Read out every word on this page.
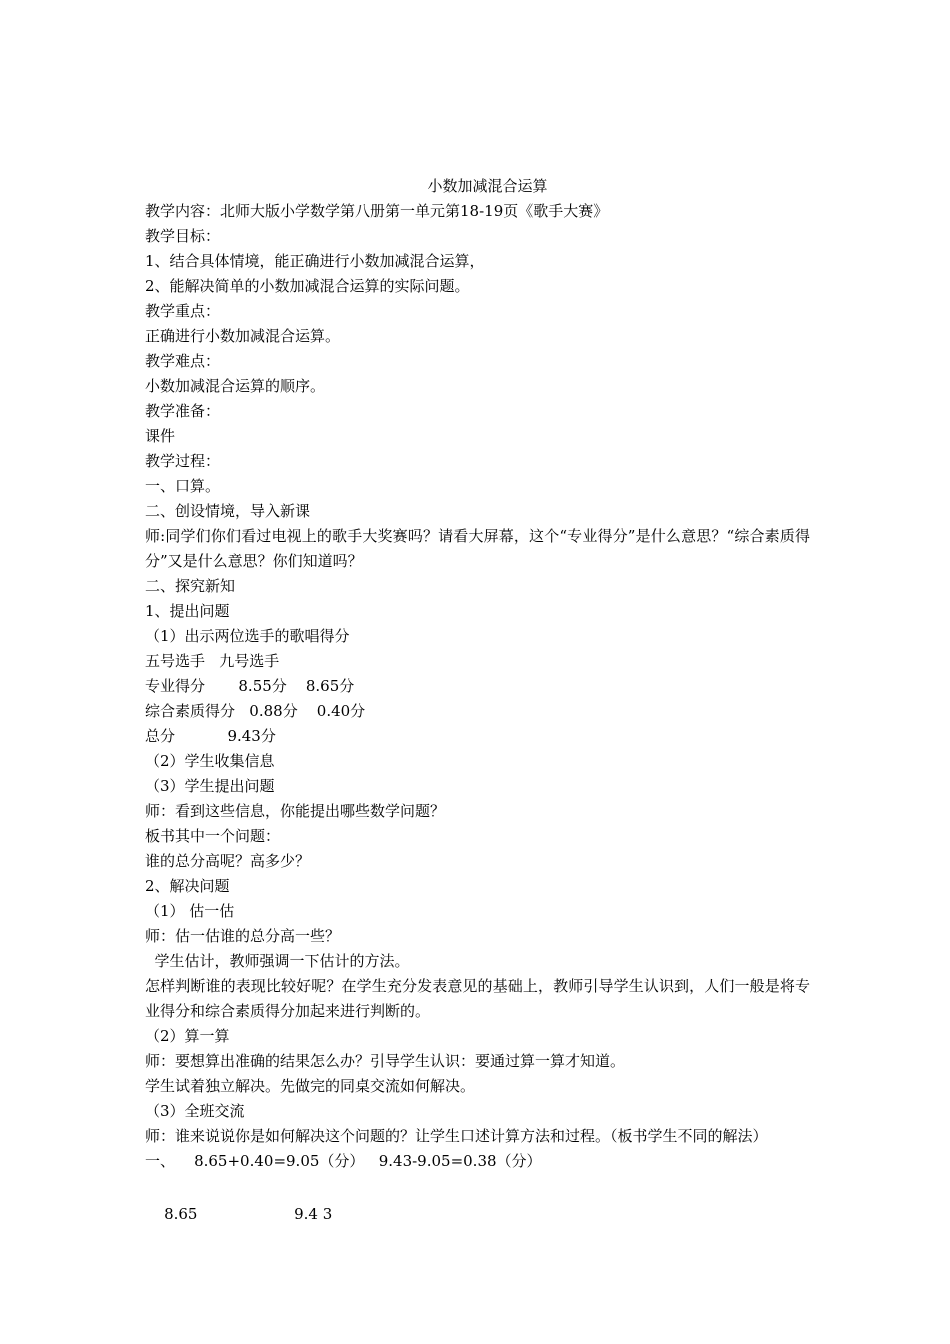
小数加减混合运算
教学内容：北师大版小学数学第八册第一单元第18-19页《歌手大赛》
教学目标：
1、结合具体情境，能正确进行小数加减混合运算，
2、能解决简单的小数加减混合运算的实际问题。
教学重点：
正确进行小数加减混合运算。
教学难点：
小数加减混合运算的顺序。
教学准备：
课件
教学过程：
一、口算。
二、创设情境，导入新课
师:同学们你们看过电视上的歌手大奖赛吗？请看大屏幕，这个“专业得分”是什么意思？“综合素质得分”又是什么意思？你们知道吗？
二、探究新知
1、提出问题
（1）出示两位选手的歌唱得分
五号选手   九号选手
专业得分       8.55分    8.65分
综合素质得分   0.88分    0.40分
总分           9.43分
（2）学生收集信息
（3）学生提出问题
师：看到这些信息，你能提出哪些数学问题？
板书其中一个问题：
谁的总分高呢？高多少？
2、解决问题
（1） 估一估
师：估一估谁的总分高一些？
学生估计，教师强调一下估计的方法。
怎样判断谁的表现比较好呢？在学生充分发表意见的基础上，教师引导学生认识到，人们一般是将专业得分和综合素质得分加起来进行判断的。
（2）算一算
师：要想算出准确的结果怎么办？引导学生认识：要通过算一算才知道。
学生试着独立解决。先做完的同桌交流如何解决。
（3）全班交流
师：谁来说说你是如何解决这个问题的？让学生口述计算方法和过程。（板书学生不同的解法）
一、    8.65+0.40=9.05（分）   9.43-9.05=0.38（分）

8.65	9.4 3
